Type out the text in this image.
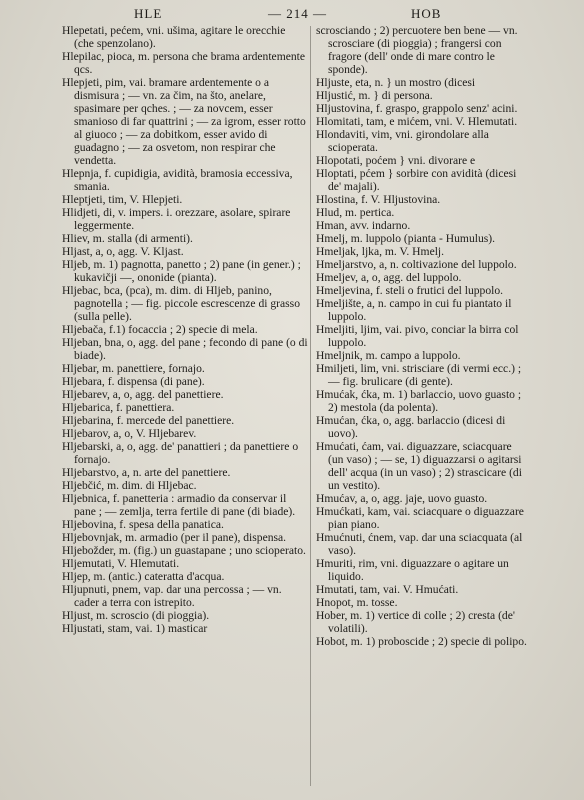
HLE	— 214 —	HOB
Hlepetati, pećem, vni. ušima, agitare le orecchie (che spenzolano).
Hlepilac, pioca, m. persona che brama ardentemente qcs.
Hlepjeti, pim, vai. bramare ardentemente o a dismisura ; — vn. za čim, na što, anelare, spasimare per qches. ; — za novcem, esser smanioso di far quattrini ; — za igrom, esser rotto al giuoco ; — za dobitkom, esser avido di guadagno ; — za osvetom, non respirar che vendetta.
Hlepnja, f. cupidigia, avidità, bramosia eccessiva, smania.
Hleptjeti, tim, V. Hlepjeti.
Hlidjeti, di, v. impers. i. orezzare, asolare, spirare leggermente.
Hliev, m. stalla (di armenti).
Hljast, a, o, agg. V. Kljast.
Hljeb, m. 1) pagnotta, panetto ; 2) pane (in gener.) ; kukavičji —, ononide (pianta).
Hljebac, bca, (pca), m. dim. di Hljeb, panino, pagnotella ; — fig. piccole escrescenze di grasso (sulla pelle).
Hljebača, f.1) focaccia ; 2) specie di mela.
Hljeban, bna, o, agg. del pane ; fecondo di pane (o di biade).
Hljebar, m. panettiere, fornajo.
Hljebara, f. dispensa (di pane).
Hljebarev, a, o, agg. del panettiere.
Hljebarica, f. panettiera.
Hljebarina, f. mercede del panettiere.
Hljebarov, a, o, V. Hljebarev.
Hljebarski, a, o, agg. de' panattieri ; da panettiere o fornajo.
Hljebarstvo, a, n. arte del panettiere.
Hljebčić, m. dim. di Hljebac.
Hljebnica, f. panetteria : armadio da conservar il pane ; — zemlja, terra fertile di pane (di biade).
Hljebovina, f. spesa della panatica.
Hljebovnjak, m. armadio (per il pane), dispensa.
Hljebožder, m. (fig.) un guastapane ; uno scioperato.
Hljemutati, V. Hlemutati.
Hljep, m. (antic.) cateratta d'acqua.
Hljupnuti, pnem, vap. dar una percossa ; — vn. cader a terra con istrepito.
Hljust, m. scroscio (di pioggia).
Hljustati, stam, vai. 1) masticar
scrosciando ; 2) percuotere ben bene — vn. scrosciare (di pioggia) ; frangersi con fragore (dell' onde di mare contro le sponde).
Hljuste, eta, n. } un mostro (dicesi
Hljustić, m. } di persona.
Hljustovina, f. graspo, grappolo senz' acini.
Hlomitati, tam, e mićem, vni. V. Hlemutati.
Hlondaviti, vim, vni. girondolare alla scioperata.
Hlopotati, poćem } vni. divorare e
Hloptati, pćem } sorbire con avidità (dicesi de' majali).
Hlostina, f. V. Hljustovina.
Hlud, m. pertica.
Hman, avv. indarno.
Hmelj, m. luppolo (pianta - Humulus).
Hmeljak, ljka, m. V. Hmelj.
Hmeljarstvo, a, n. coltivazione del luppolo.
Hmeljev, a, o, agg. del luppolo.
Hmeljevina, f. steli o frutici del luppolo.
Hmeljište, a, n. campo in cui fu piantato il luppolo.
Hmeljiti, ljim, vai. pivo, conciar la birra col luppolo.
Hmeljnik, m. campo a luppolo.
Hmiljeti, lim, vni. strisciare (di vermi ecc.) ; — fig. brulicare (di gente).
Hmućak, ćka, m. 1) barlaccio, uovo guasto ; 2) mestola (da polenta).
Hmućan, ćka, o, agg. barlaccio (dicesi di uovo).
Hmućati, ćam, vai. diguazzare, sciacquare (un vaso) ; — se, 1) diguazzarsi o agitarsi dell' acqua (in un vaso) ; 2) strascicare (di un vestito).
Hmućav, a, o, agg. jaje, uovo guasto.
Hmućkati, kam, vai. sciacquare o diguazzare pian piano.
Hmućnuti, ćnem, vap. dar una sciacquata (al vaso).
Hmuriti, rim, vni. diguazzare o agitare un liquido.
Hmutati, tam, vai. V. Hmućati.
Hnopot, m. tosse.
Hober, m. 1) vertice di colle ; 2) cresta (de' volatili).
Hobot, m. 1) proboscide ; 2) specie di polipo.
